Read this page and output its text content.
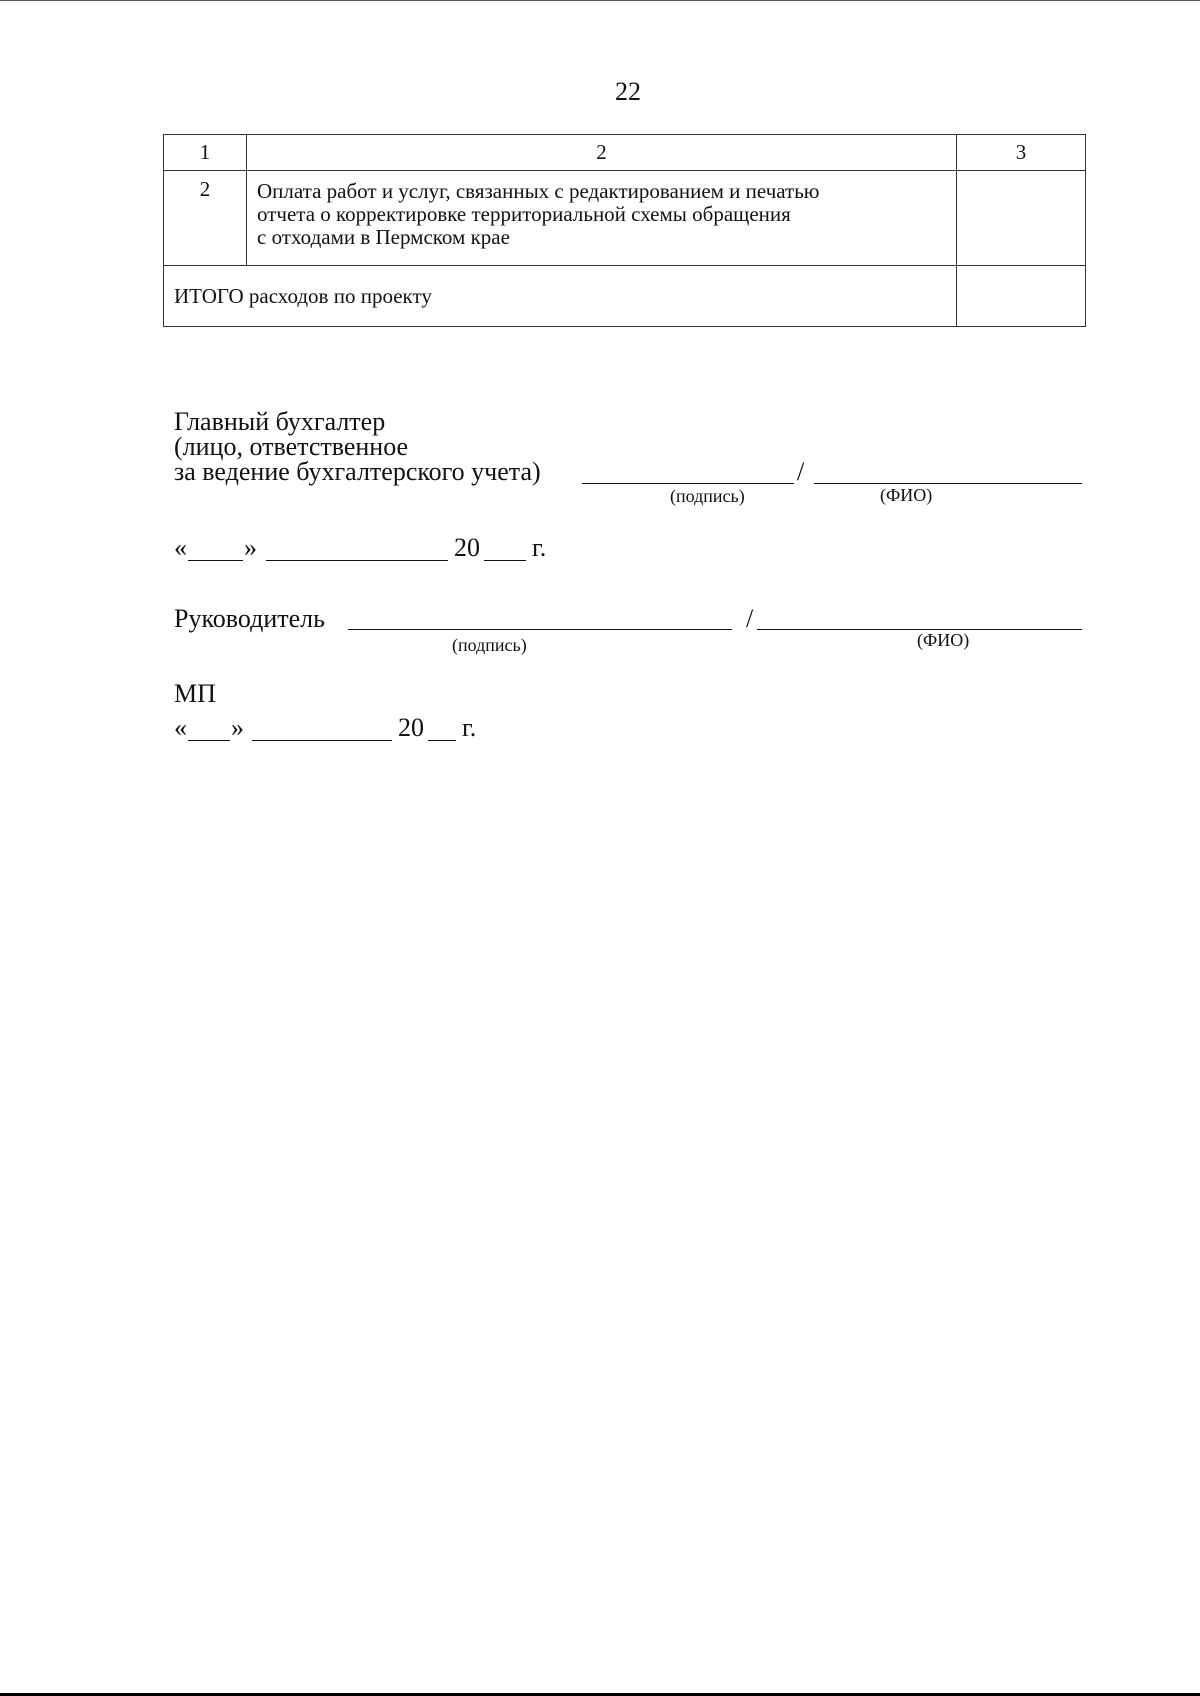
22
1	2	3
2	Оплата работ и услуг, связанных с редактированием и печатью
отчета о корректировке территориальной схемы обращения
с отходами в Пермском крае	

ИТОГО расходов по проекту		
Главный бухгалтер
(лицо, ответственное
за ведение бухгалтерского учета)	/
(подпись)	(ФИО)
« »	20 г.
Руководитель	/
(подпись)	(ФИО)
МП
« »	20 г.
